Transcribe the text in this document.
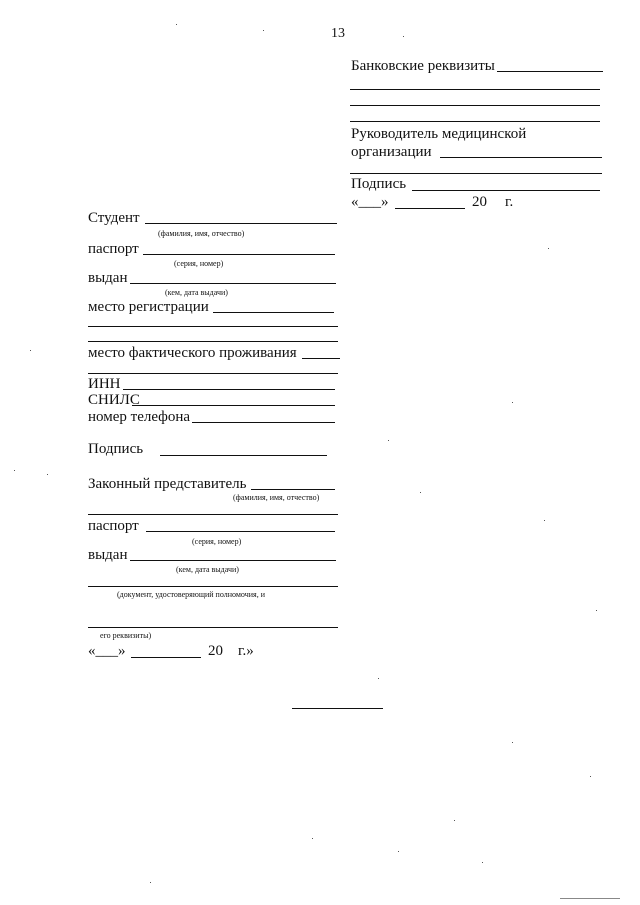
13
Банковские реквизиты
Руководитель медицинской
организации
Подпись
«___»	20 г.
Студент
(фамилия, имя, отчество)
паспорт
(серия, номер)
выдан
(кем, дата выдачи)
место регистрации
место фактического проживания
ИНН
СНИЛС
номер телефона
Подпись
Законный представитель
(фамилия, имя, отчество)
паспорт
(серия, номер)
выдан
(кем, дата выдачи)
(документ, удостоверяющий полномочия, и
его реквизиты)
«___»	20 г.»
